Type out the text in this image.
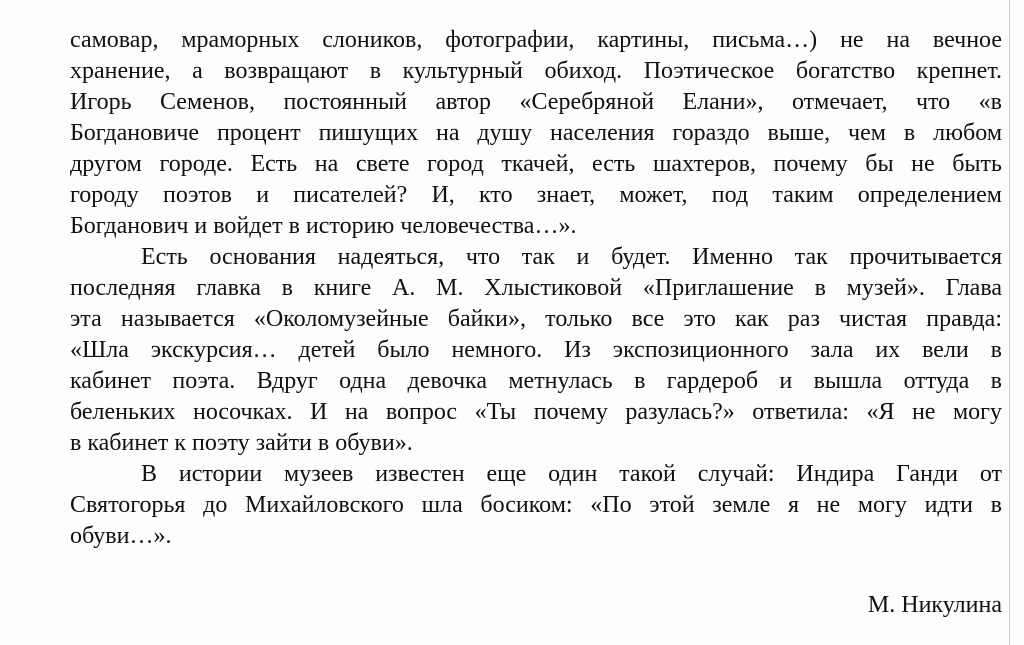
самовар, мраморных слоников, фотографии, картины, письма…) не на вечное
хранение, а возвращают в культурный обиход. Поэтическое богатство крепнет.
Игорь Семенов, постоянный автор «Серебряной Елани», отмечает, что «в
Богдановиче процент пишущих на душу населения гораздо выше, чем в любом
другом городе. Есть на свете город ткачей, есть шахтеров, почему бы не быть
городу поэтов и писателей? И, кто знает, может, под таким определением
Богданович и войдет в историю человечества…».
Есть основания надеяться, что так и будет. Именно так прочитывается
последняя главка в книге А. М. Хлыстиковой «Приглашение в музей». Глава
эта называется «Околомузейные байки», только все это как раз чистая правда:
«Шла экскурсия… детей было немного. Из экспозиционного зала их вели в
кабинет поэта. Вдруг одна девочка метнулась в гардероб и вышла оттуда в
беленьких носочках. И на вопрос «Ты почему разулась?» ответила: «Я не могу
в кабинет к поэту зайти в обуви».
В истории музеев известен еще один такой случай: Индира Ганди от
Святогорья до Михайловского шла босиком: «По этой земле я не могу идти в
обуви…».
М. Никулина
